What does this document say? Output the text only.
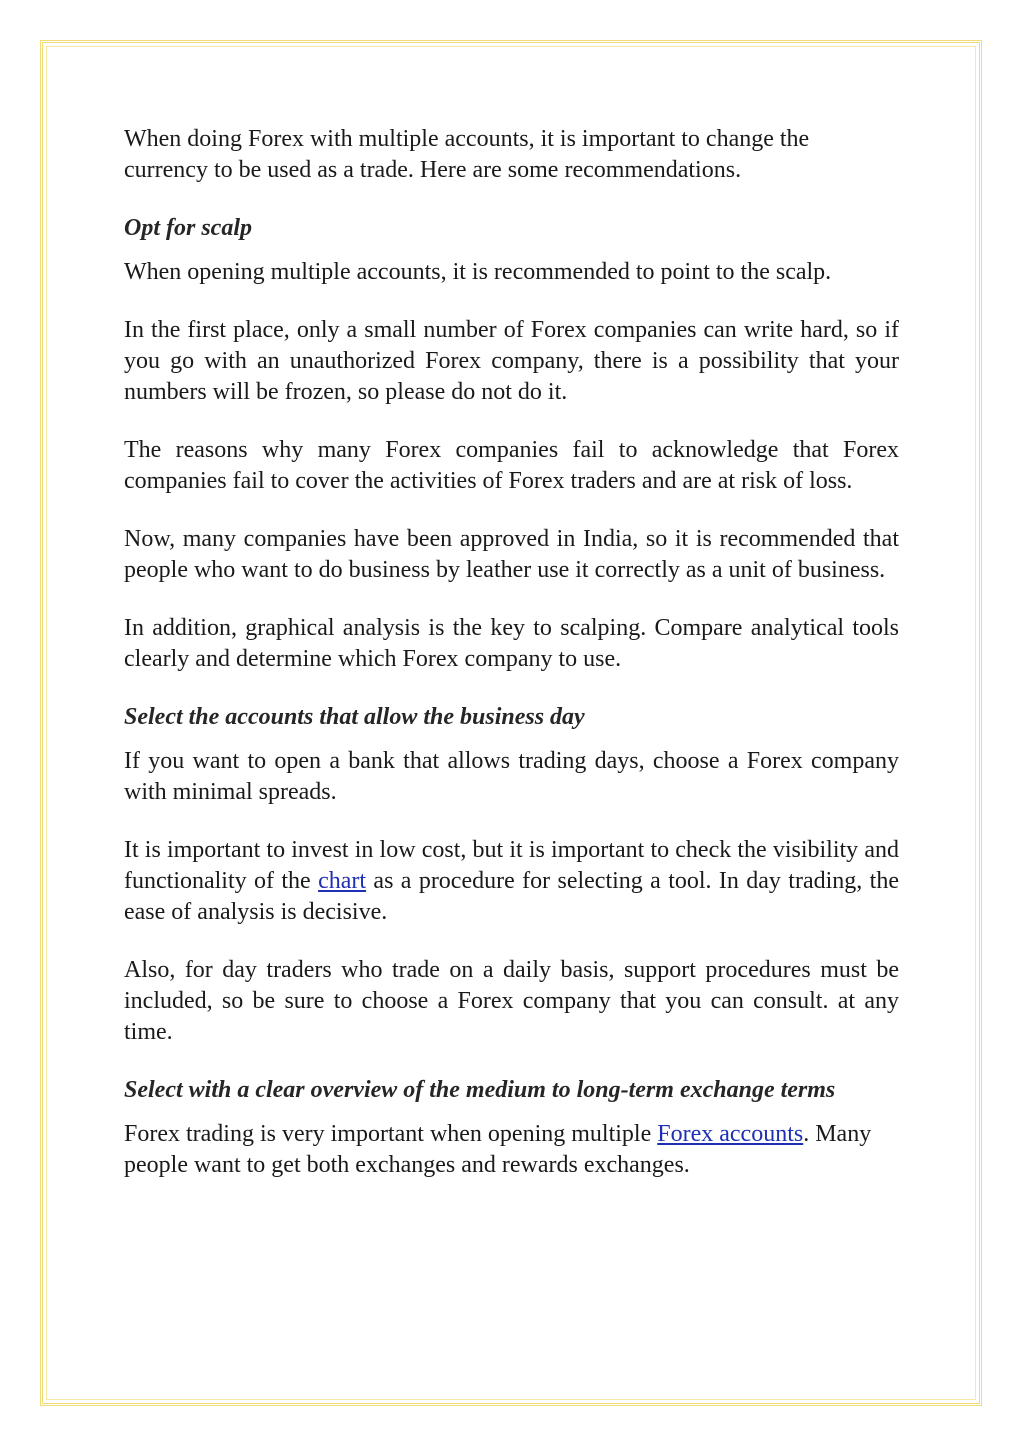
When doing Forex with multiple accounts, it is important to change the currency to be used as a trade. Here are some recommendations.

Opt for scalp

When opening multiple accounts, it is recommended to point to the scalp.

In the first place, only a small number of Forex companies can write hard, so if you go with an unauthorized Forex company, there is a possibility that your numbers will be frozen, so please do not do it.

The reasons why many Forex companies fail to acknowledge that Forex companies fail to cover the activities of Forex traders and are at risk of loss.

Now, many companies have been approved in India, so it is recommended that people who want to do business by leather use it correctly as a unit of business.

In addition, graphical analysis is the key to scalping. Compare analytical tools clearly and determine which Forex company to use.

Select the accounts that allow the business day

If you want to open a bank that allows trading days, choose a Forex company with minimal spreads.

It is important to invest in low cost, but it is important to check the visibility and functionality of the chart as a procedure for selecting a tool. In day trading, the ease of analysis is decisive.

Also, for day traders who trade on a daily basis, support procedures must be included, so be sure to choose a Forex company that you can consult. at any time.

Select with a clear overview of the medium to long-term exchange terms

Forex trading is very important when opening multiple Forex accounts. Many people want to get both exchanges and rewards exchanges.
